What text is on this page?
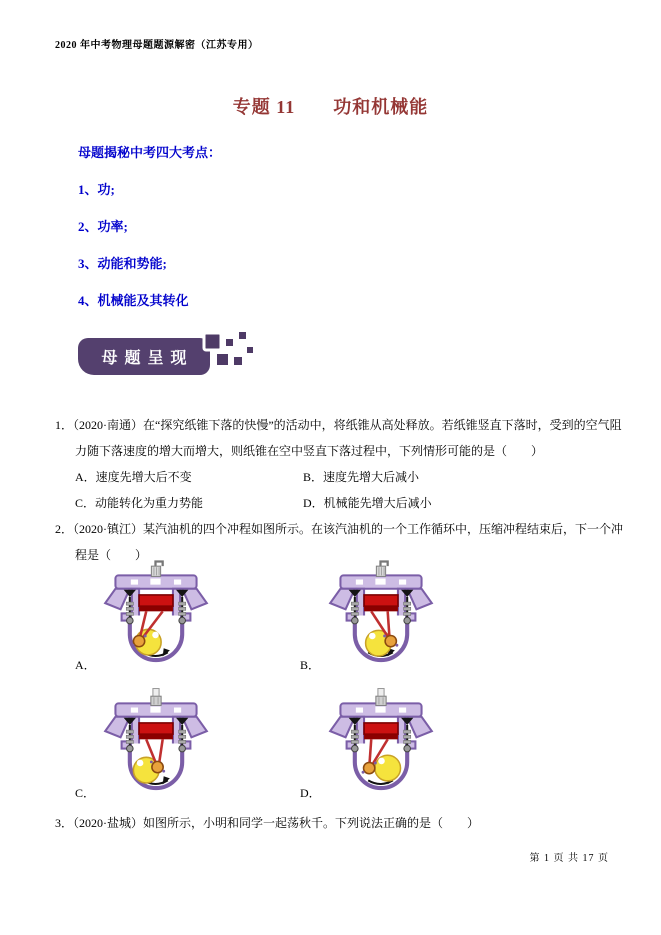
2020 年中考物理母题题源解密（江苏专用）
专题 11　　功和机械能

母题揭秘中考四大考点：

1、功;

2、功率;

3、动能和势能;

4、机械能及其转化

母题呈现

1．（2020·南通）在“探究纸锥下落的快慢”的活动中，将纸锥从高处释放。若纸锥竖直下落时，受到的空气阻力随下落速度的增大而增大，则纸锥在空中竖直下落过程中，下列情形可能的是（　　）

A．速度先增大后不变	B．速度先增大后减小
C．动能转化为重力势能	D．机械能先增大后减小

2．（2020·镇江）某汽油机的四个冲程如图所示。在该汽油机的一个工作循环中，压缩冲程结束后，下一个冲程是（　　）

A．	B．
C．	D．

3．（2020·盐城）如图所示，小明和同学一起荡秋千。下列说法正确的是（　　）

第 1 页 共 17 页
